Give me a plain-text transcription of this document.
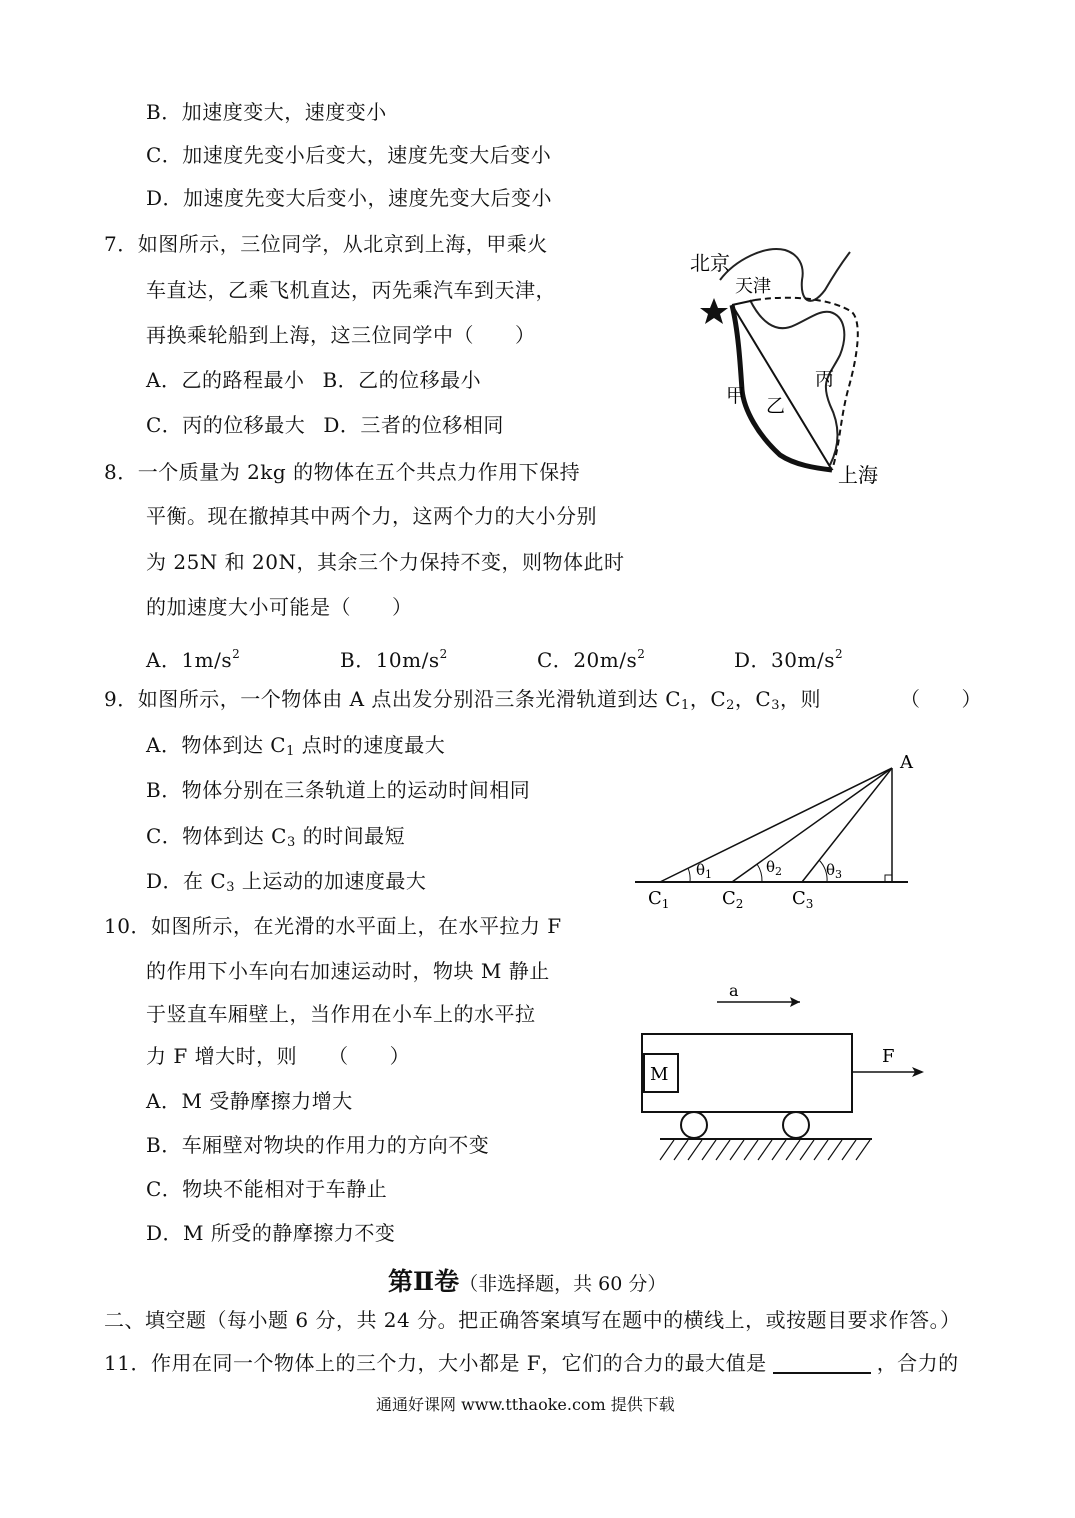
B．加速度变大，速度变小
C．加速度先变小后变大，速度先变大后变小
D．加速度先变大后变小，速度先变大后变小
7．如图所示，三位同学，从北京到上海，甲乘火
车直达，乙乘飞机直达，丙先乘汽车到天津，
再换乘轮船到上海，这三位同学中（　　）
A．乙的路程最小 B．乙的位移最小
C．丙的位移最大 D．三者的位移相同
北京
天津
甲 乙
丙
上海
8．一个质量为 2kg 的物体在五个共点力作用下保持
平衡。现在撤掉其中两个力，这两个力的大小分别
为 25N 和 20N，其余三个力保持不变，则物体此时
的加速度大小可能是（　　）
A．$1m/s^2$	B．$10m/s^2$	C．$20m/s^2$	D．$30m/s^2$
9．如图所示，一个物体由 A 点出发分别沿三条光滑轨道到达 $C_1$，$C_2$，$C_3$，则	（　　）
A．物体到达 $C_1$ 点时的速度最大
B．物体分别在三条轨道上的运动时间相同
C．物体到达 $C_3$ 的时间最短
D．在 $C_3$ 上运动的加速度最大
A
$\theta_1$	$\theta_2$	$\theta_3$
$C_1$	$C_2$	$C_3$
10．如图所示，在光滑的水平面上，在水平拉力 F
的作用下小车向右加速运动时，物块 M 静止
于竖直车厢壁上，当作用在小车上的水平拉
力 F 增大时，则　　（　　）
A．M 受静摩擦力增大
B．车厢壁对物块的作用力的方向不变
C．物块不能相对于车静止
D．M 所受的静摩擦力不变
a
M
F
第Ⅱ卷（非选择题，共 60 分）
二、填空题（每小题 6 分，共 24 分。把正确答案填写在题中的横线上，或按题目要求作答。）
11．作用在同一个物体上的三个力，大小都是 F，它们的合力的最大值是	，合力的
通通好课网 www.tthaoke.com 提供下载
